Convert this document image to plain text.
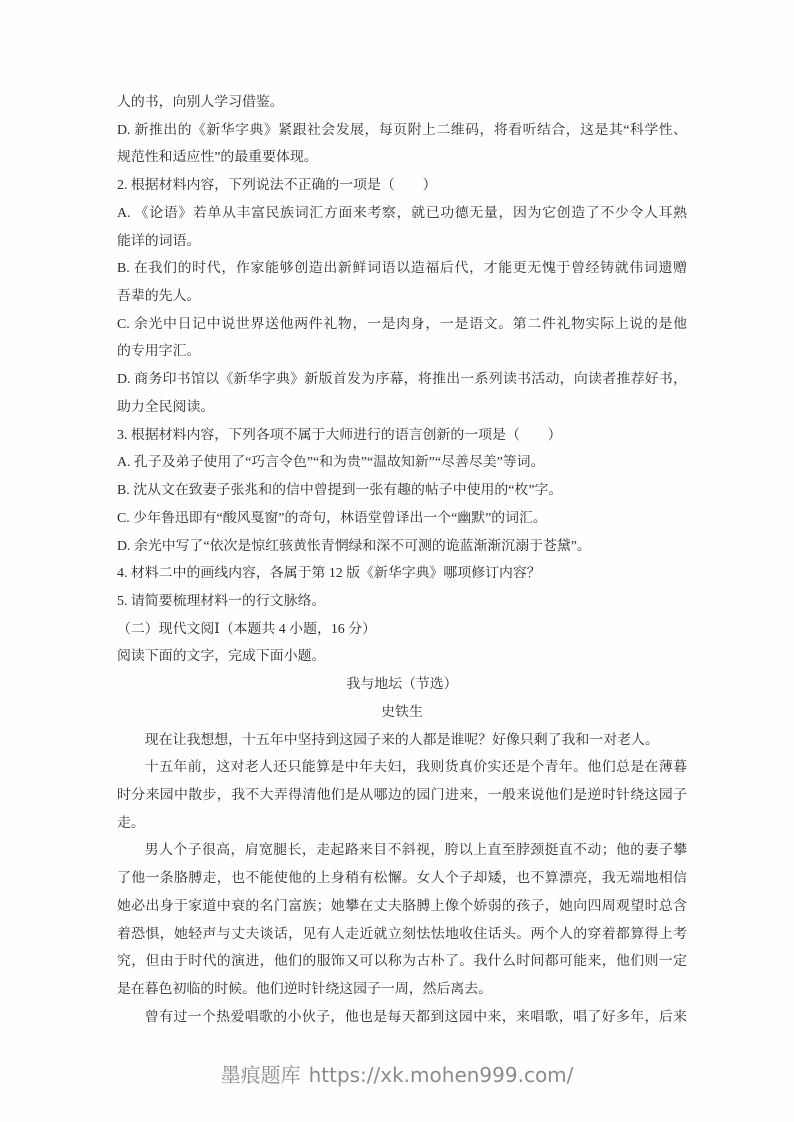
人的书，向别人学习借鉴。
D. 新推出的《新华字典》紧跟社会发展，每页附上二维码，将看听结合，这是其“科学性、
规范性和适应性”的最重要体现。
2. 根据材料内容，下列说法不正确的一项是（　　）
A. 《论语》若单从丰富民族词汇方面来考察，就已功德无量，因为它创造了不少令人耳熟
能详的词语。
B. 在我们的时代，作家能够创造出新鲜词语以造福后代，才能更无愧于曾经铸就伟词遗赠
吾辈的先人。
C. 余光中日记中说世界送他两件礼物，一是肉身，一是语文。第二件礼物实际上说的是他
的专用字汇。
D. 商务印书馆以《新华字典》新版首发为序幕，将推出一系列读书活动，向读者推荐好书，
助力全民阅读。
3. 根据材料内容，下列各项不属于大师进行的语言创新的一项是（　　）
A. 孔子及弟子使用了“巧言令色”“和为贵”“温故知新”“尽善尽美”等词。
B. 沈从文在致妻子张兆和的信中曾提到一张有趣的帖子中使用的“枚”字。
C. 少年鲁迅即有“酸风戛窗”的奇句，林语堂曾译出一个“幽默”的词汇。
D. 余光中写了“依次是惊红骇黄怅青惘绿和深不可测的诡蓝渐渐沉溺于苍黛”。
4. 材料二中的画线内容，各属于第 12 版《新华字典》哪项修订内容？
5. 请简要梳理材料一的行文脉络。
（二）现代文阅Ⅰ（本题共 4 小题，16 分）
阅读下面的文字，完成下面小题。
我与地坛（节选）
史铁生
现在让我想想，十五年中坚持到这园子来的人都是谁呢？好像只剩了我和一对老人。
十五年前，这对老人还只能算是中年夫妇，我则货真价实还是个青年。他们总是在薄暮
时分来园中散步，我不大弄得清他们是从哪边的园门进来，一般来说他们是逆时针绕这园子
走。
男人个子很高，肩宽腿长，走起路来目不斜视，胯以上直至脖颈挺直不动；他的妻子攀
了他一条胳膊走，也不能使他的上身稍有松懈。女人个子却矮，也不算漂亮，我无端地相信
她必出身于家道中衰的名门富族；她攀在丈夫胳膊上像个娇弱的孩子，她向四周观望时总含
着恐惧，她轻声与丈夫谈话，见有人走近就立刻怯怯地收住话头。两个人的穿着都算得上考
究，但由于时代的演进，他们的服饰又可以称为古朴了。我什么时间都可能来，他们则一定
是在暮色初临的时候。他们逆时针绕这园子一周，然后离去。
曾有过一个热爱唱歌的小伙子，他也是每天都到这园中来，来唱歌，唱了好多年，后来
墨痕题库 https://xk.mohen999.com/
